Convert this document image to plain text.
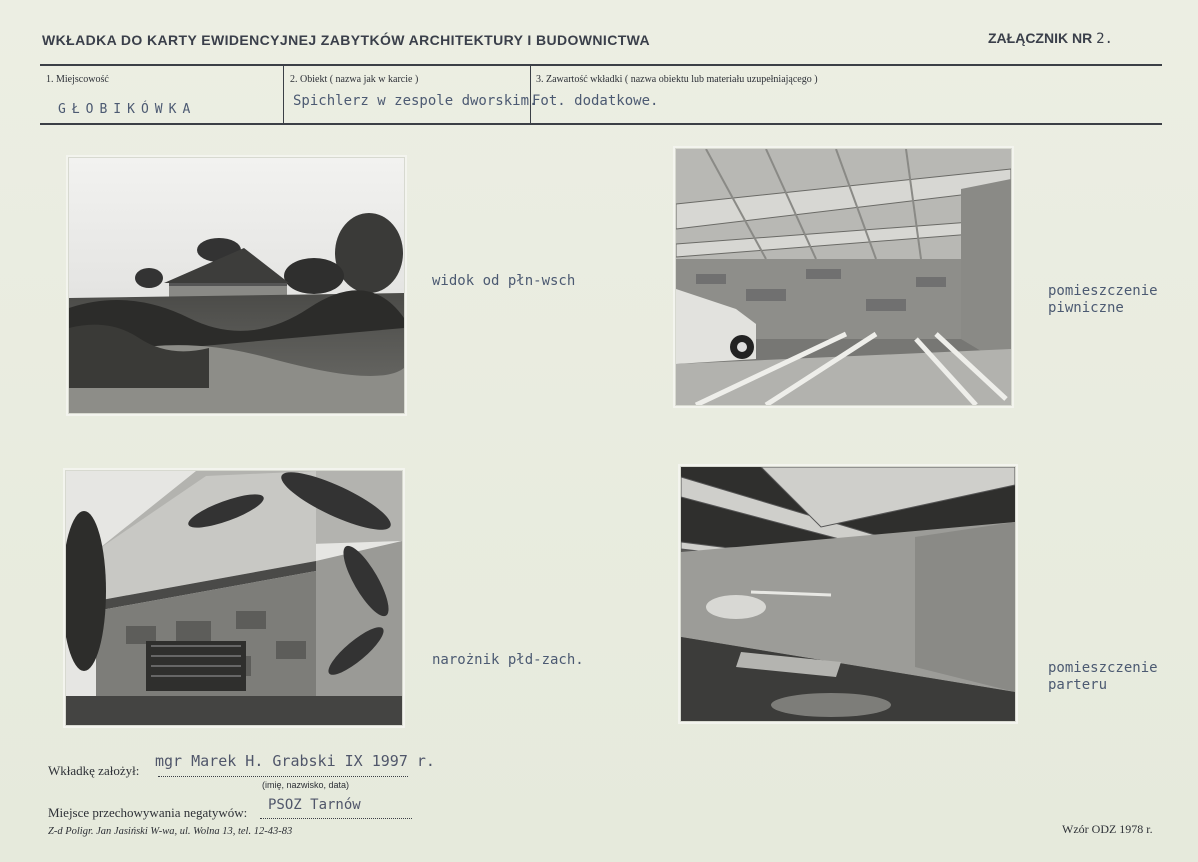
WKŁADKA DO KARTY EWIDENCYJNEJ ZABYTKÓW ARCHITEKTURY I BUDOWNICTWA	ZAŁĄCZNIK NR 2.
1. Miejscowość
GŁOBIKÓWKA
2. Obiekt ( nazwa jak w karcie )
Spichlerz w zespole dworskim.
3. Zawartość wkładki ( nazwa obiektu lub materiału uzupełniającego )
Fot. dodatkowe.
widok od płn-wsch
pomieszczenie
piwniczne
narożnik płd-zach.	pomieszczenie
parteru
Wkładkę założył:
mgr Marek H. Grabski IX 1997 r.
(imię, nazwisko, data)
Miejsce przechowywania negatywów: PSOZ Tarnów
Z-d Poligr. Jan Jasiński W-wa, ul. Wolna 13, tel. 12-43-83	Wzór ODZ 1978 r.
